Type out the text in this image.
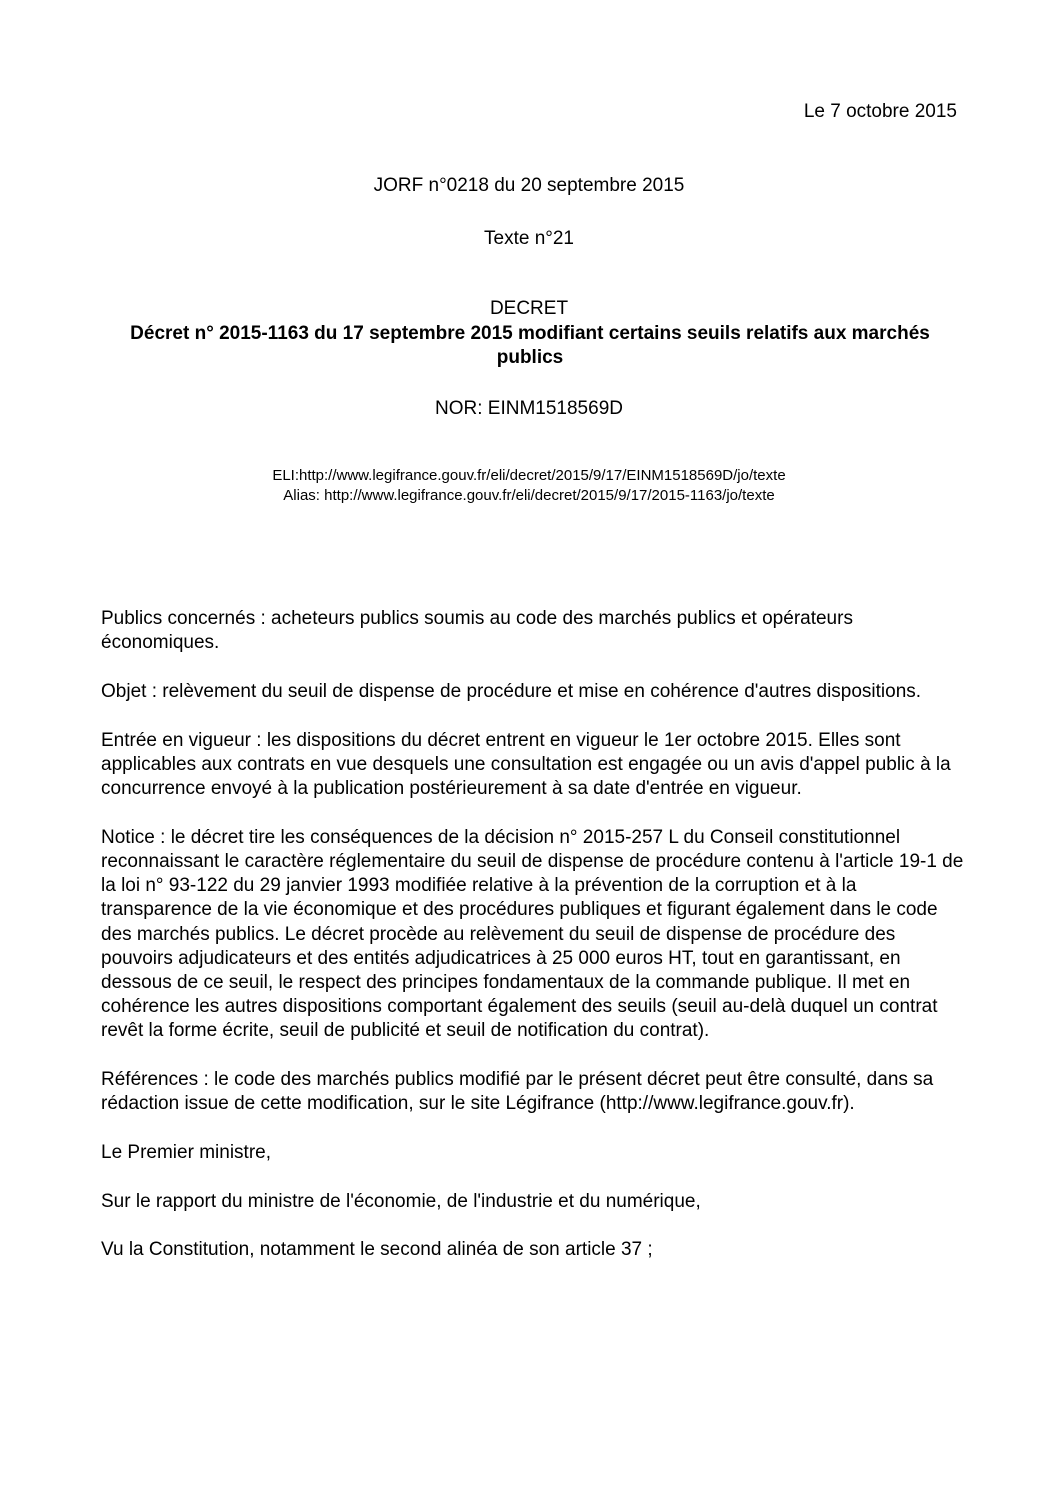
Le 7 octobre 2015
JORF n°0218 du 20 septembre 2015
Texte n°21
DECRET
Décret n° 2015-1163 du 17 septembre 2015 modifiant certains seuils relatifs aux marchés publics
NOR: EINM1518569D
ELI:http://www.legifrance.gouv.fr/eli/decret/2015/9/17/EINM1518569D/jo/texte
Alias: http://www.legifrance.gouv.fr/eli/decret/2015/9/17/2015-1163/jo/texte

Publics concernés : acheteurs publics soumis au code des marchés publics et opérateurs économiques.

Objet : relèvement du seuil de dispense de procédure et mise en cohérence d'autres dispositions.

Entrée en vigueur : les dispositions du décret entrent en vigueur le 1er octobre 2015. Elles sont applicables aux contrats en vue desquels une consultation est engagée ou un avis d'appel public à la concurrence envoyé à la publication postérieurement à sa date d'entrée en vigueur.

Notice : le décret tire les conséquences de la décision n° 2015-257 L du Conseil constitutionnel reconnaissant le caractère réglementaire du seuil de dispense de procédure contenu à l'article 19-1 de la loi n° 93-122 du 29 janvier 1993 modifiée relative à la prévention de la corruption et à la transparence de la vie économique et des procédures publiques et figurant également dans le code des marchés publics. Le décret procède au relèvement du seuil de dispense de procédure des pouvoirs adjudicateurs et des entités adjudicatrices à 25 000 euros HT, tout en garantissant, en dessous de ce seuil, le respect des principes fondamentaux de la commande publique. Il met en cohérence les autres dispositions comportant également des seuils (seuil au-delà duquel un contrat revêt la forme écrite, seuil de publicité et seuil de notification du contrat).

Références : le code des marchés publics modifié par le présent décret peut être consulté, dans sa rédaction issue de cette modification, sur le site Légifrance (http://www.legifrance.gouv.fr).

Le Premier ministre,

Sur le rapport du ministre de l'économie, de l'industrie et du numérique,

Vu la Constitution, notamment le second alinéa de son article 37 ;
